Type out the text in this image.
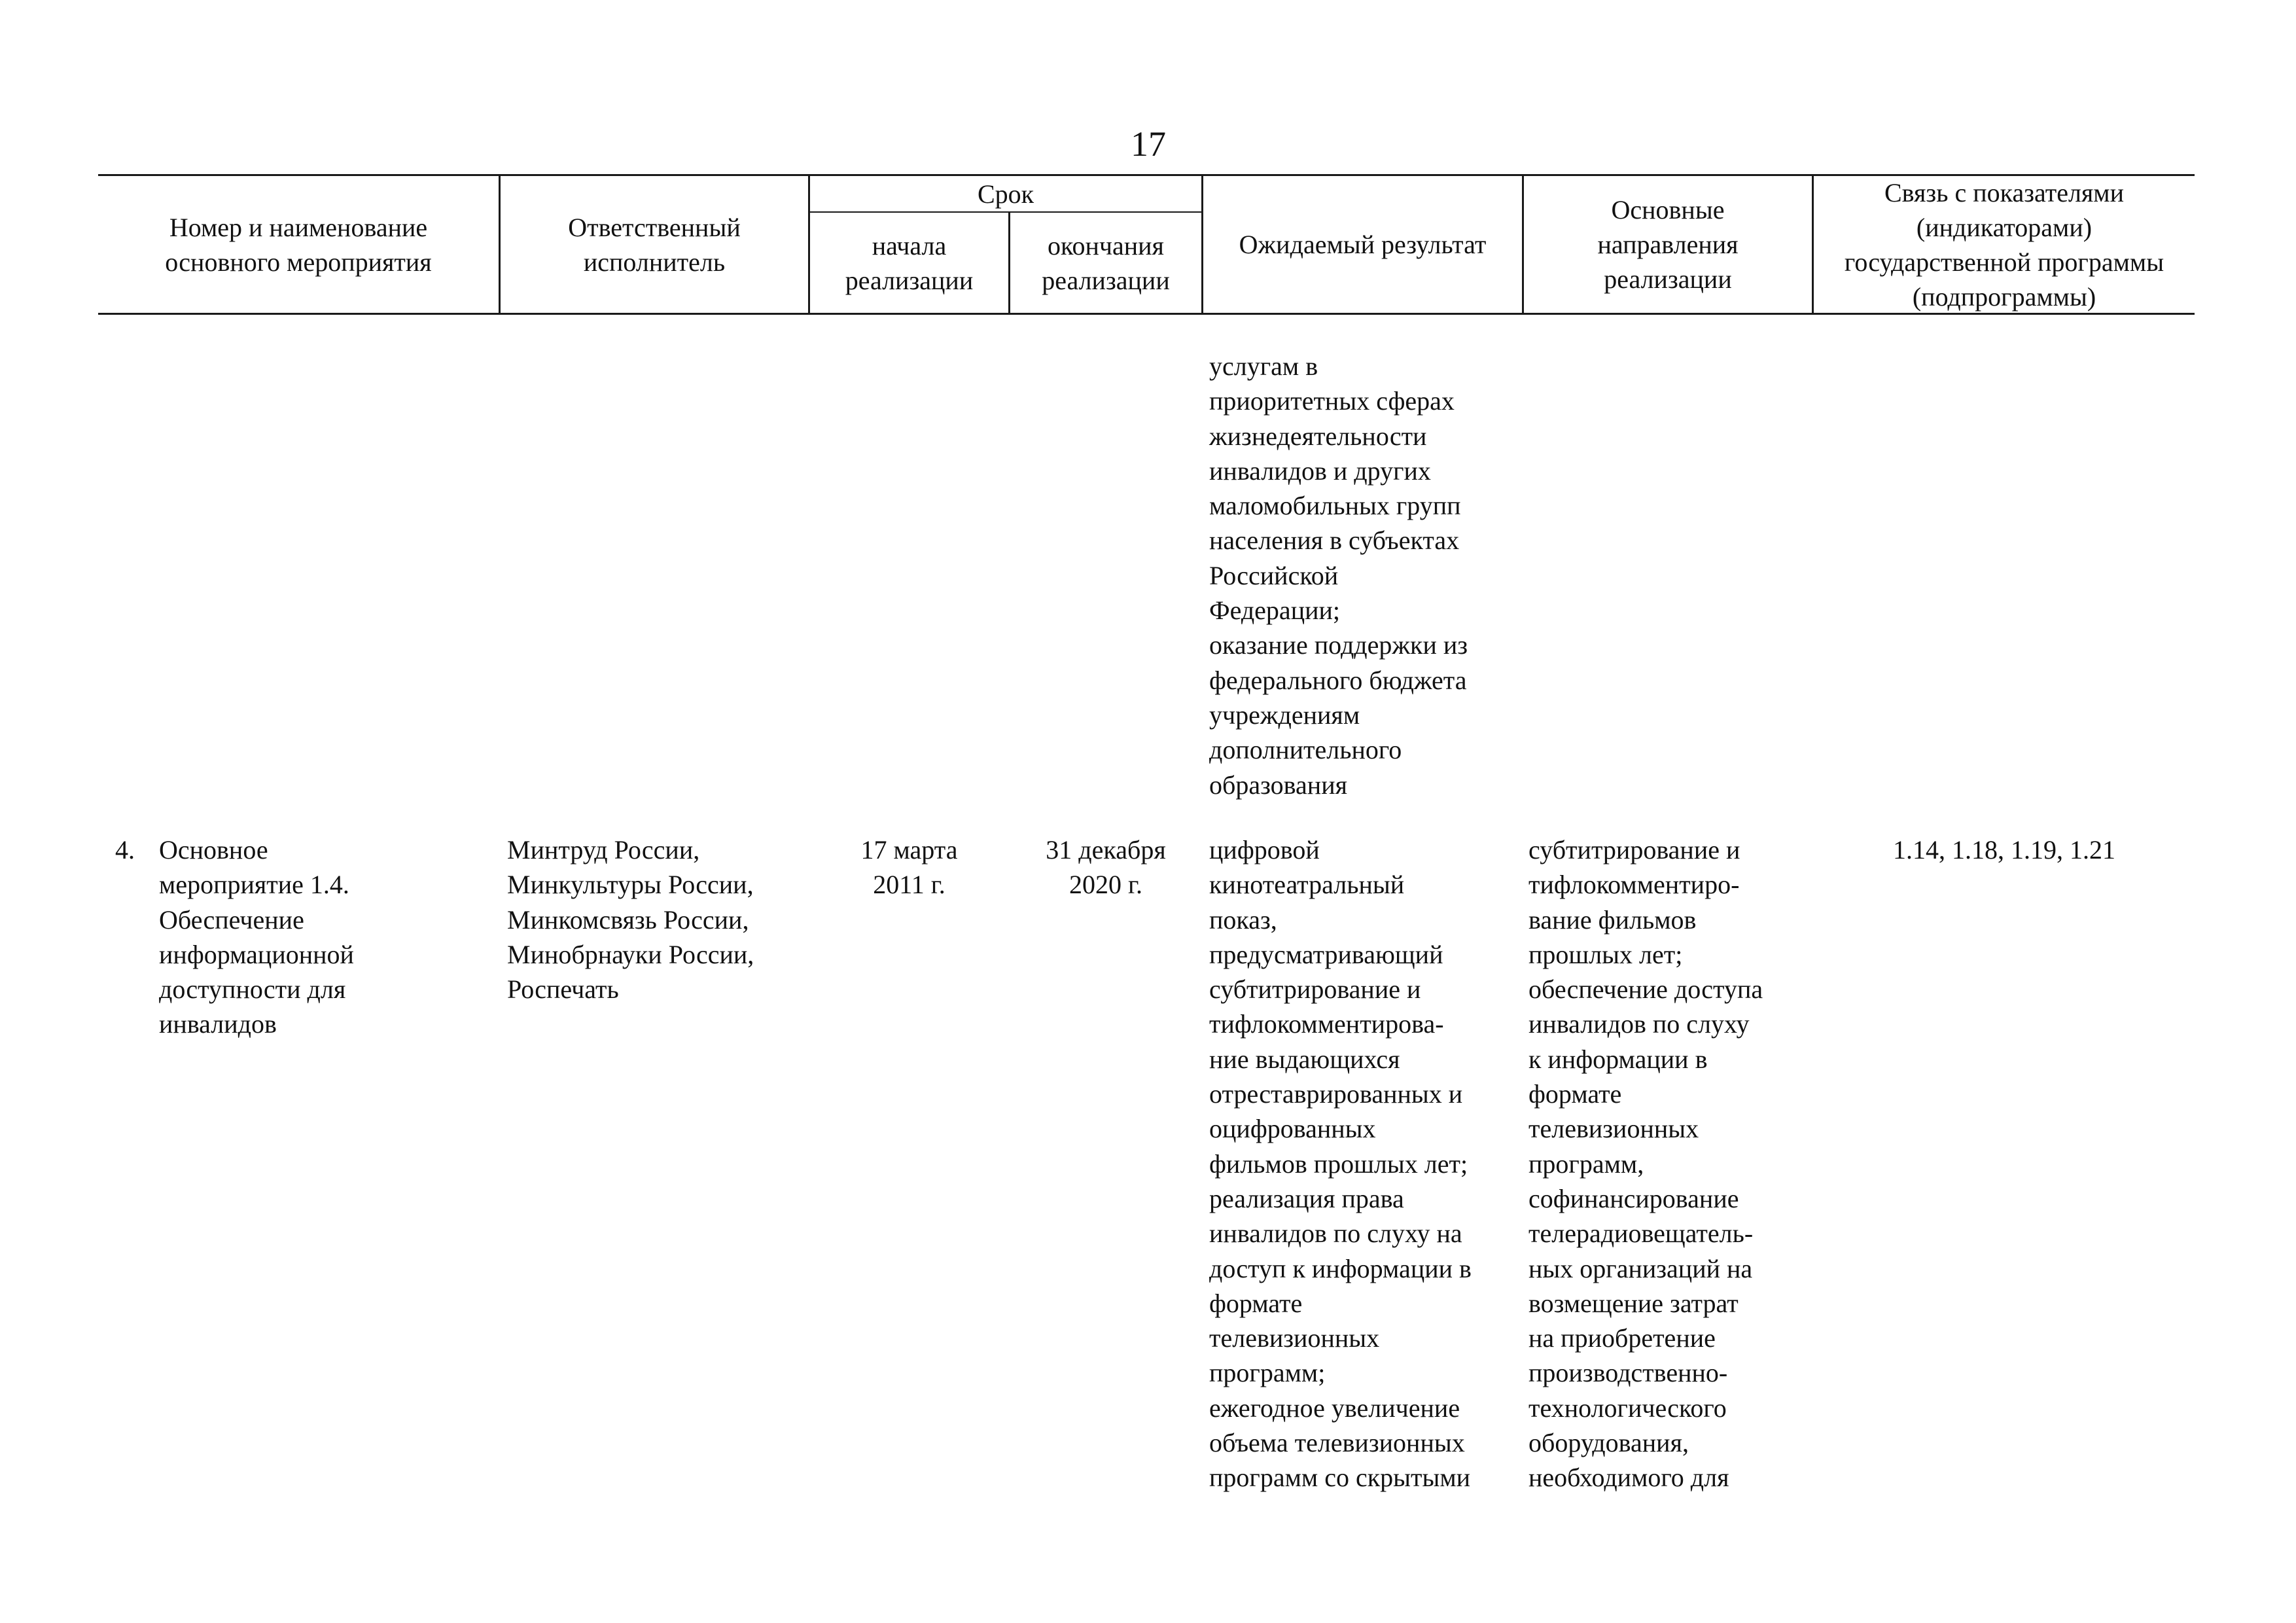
17
Номер и наименование
основного мероприятия
Ответственный
исполнитель
Срок
начала
реализации
окончания
реализации
Ожидаемый результат
Основные
направления
реализации
Связь с показателями
(индикаторами)
государственной программы
(подпрограммы)
услугам в
приоритетных сферах
жизнедеятельности
инвалидов и других
маломобильных групп
населения в субъектах
Российской
Федерации;
оказание поддержки из
федерального бюджета
учреждениям
дополнительного
образования
4. Основное
мероприятие 1.4.
Обеспечение
информационной
доступности для
инвалидов
Минтруд России,
Минкультуры России,
Минкомсвязь России,
Минобрнауки России,
Роспечать
17 марта
2011 г.
31 декабря
2020 г.
цифровой
кинотеатральный
показ,
предусматривающий
субтитрирование и
тифлокомментирова-
ние выдающихся
отреставрированных и
оцифрованных
фильмов прошлых лет;
реализация права
инвалидов по слуху на
доступ к информации в
формате
телевизионных
программ;
ежегодное увеличение
объема телевизионных
программ со скрытыми
субтитрирование и
тифлокомментиро-
вание фильмов
прошлых лет;
обеспечение доступа
инвалидов по слуху
к информации в
формате
телевизионных
программ,
софинансирование
телерадиовещатель-
ных организаций на
возмещение затрат
на приобретение
производственно-
технологического
оборудования,
необходимого для
1.14, 1.18, 1.19, 1.21
